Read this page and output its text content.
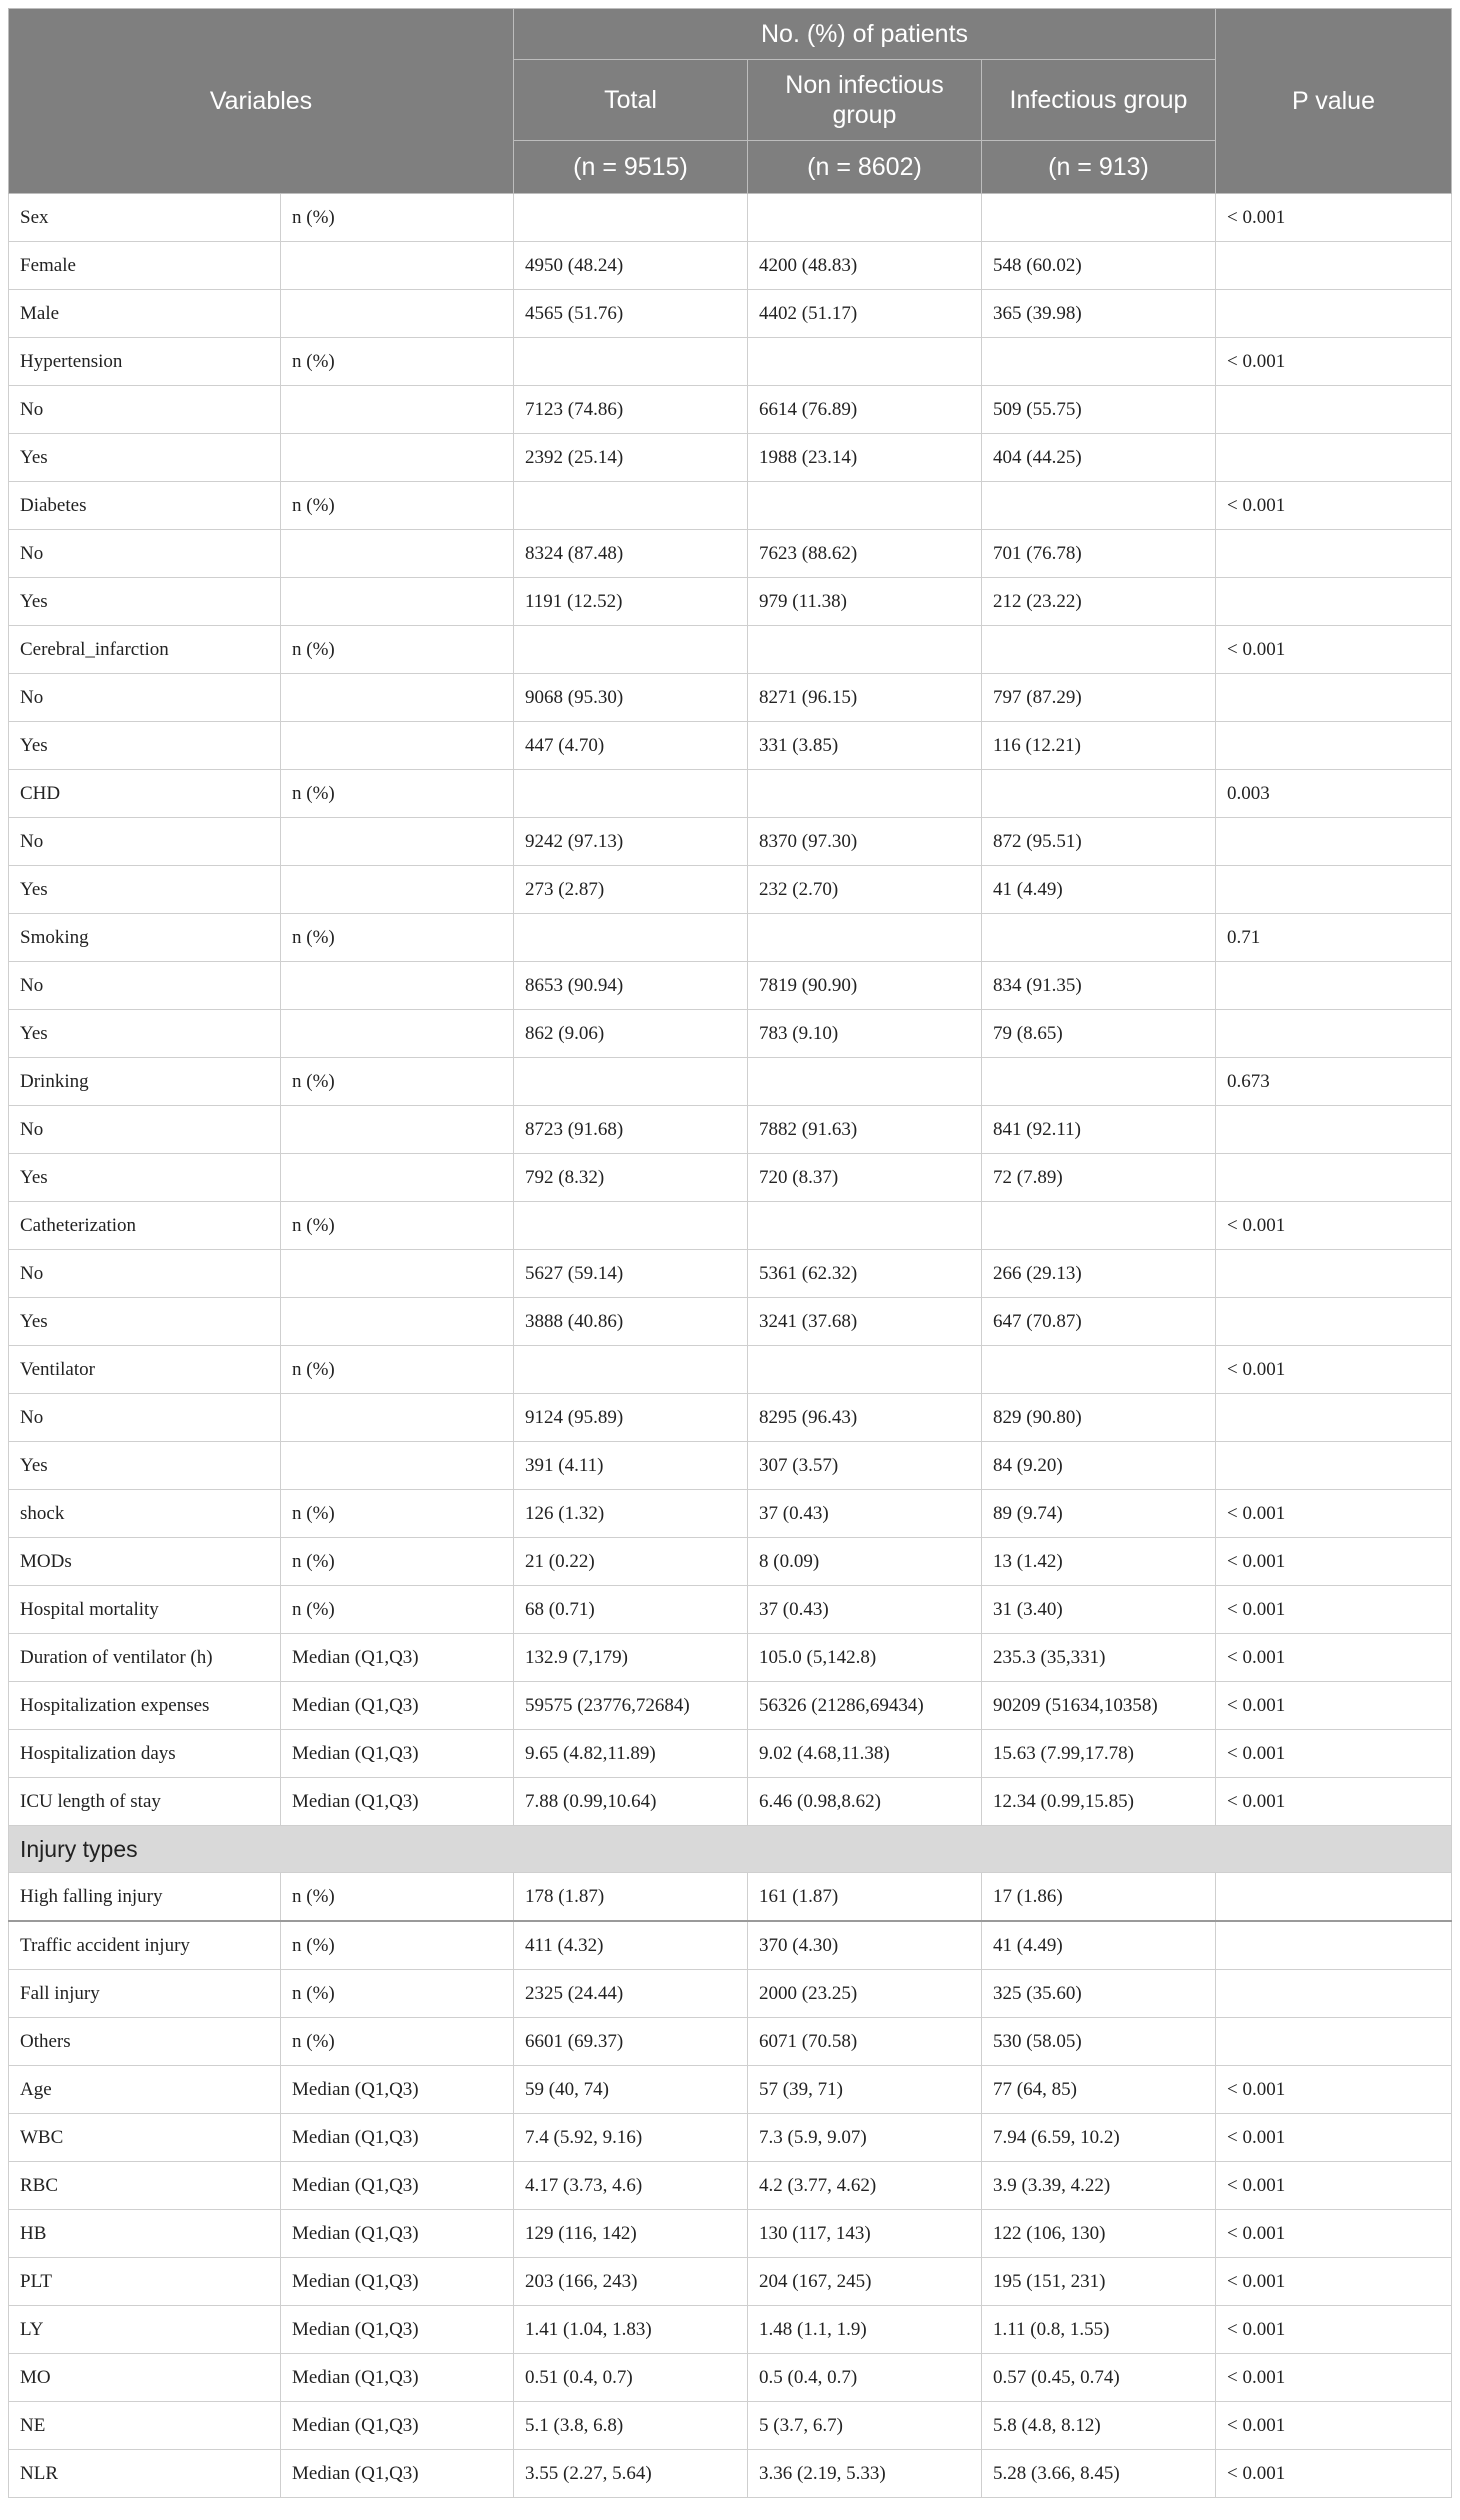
Variables		No. (%) of patients			P value
		Total	Non infectious group	Infectious group	
		(n = 9515)	(n = 8602)	(n = 913)	
Sex	n (%)				< 0.001
Female		4950 (48.24)	4200 (48.83)	548 (60.02)	
Male		4565 (51.76)	4402 (51.17)	365 (39.98)	
Hypertension	n (%)				< 0.001
No		7123 (74.86)	6614 (76.89)	509 (55.75)	
Yes		2392 (25.14)	1988 (23.14)	404 (44.25)	
Diabetes	n (%)				< 0.001
No		8324 (87.48)	7623 (88.62)	701 (76.78)	
Yes		1191 (12.52)	979 (11.38)	212 (23.22)	
Cerebral_infarction	n (%)				< 0.001
No		9068 (95.30)	8271 (96.15)	797 (87.29)	
Yes		447 (4.70)	331 (3.85)	116 (12.21)	
CHD	n (%)				0.003
No		9242 (97.13)	8370 (97.30)	872 (95.51)	
Yes		273 (2.87)	232 (2.70)	41 (4.49)	
Smoking	n (%)				0.71
No		8653 (90.94)	7819 (90.90)	834 (91.35)	
Yes		862 (9.06)	783 (9.10)	79 (8.65)	
Drinking	n (%)				0.673
No		8723 (91.68)	7882 (91.63)	841 (92.11)	
Yes		792 (8.32)	720 (8.37)	72 (7.89)	
Catheterization	n (%)				< 0.001
No		5627 (59.14)	5361 (62.32)	266 (29.13)	
Yes		3888 (40.86)	3241 (37.68)	647 (70.87)	
Ventilator	n (%)				< 0.001
No		9124 (95.89)	8295 (96.43)	829 (90.80)	
Yes		391 (4.11)	307 (3.57)	84 (9.20)	
shock	n (%)	126 (1.32)	37 (0.43)	89 (9.74)	< 0.001
MODs	n (%)	21 (0.22)	8 (0.09)	13 (1.42)	< 0.001
Hospital mortality	n (%)	68 (0.71)	37 (0.43)	31 (3.40)	< 0.001
Duration of ventilator (h)	Median (Q1,Q3)	132.9 (7,179)	105.0 (5,142.8)	235.3 (35,331)	< 0.001
Hospitalization expenses	Median (Q1,Q3)	59575 (23776,72684)	56326 (21286,69434)	90209 (51634,10358)	< 0.001
Hospitalization days	Median (Q1,Q3)	9.65 (4.82,11.89)	9.02 (4.68,11.38)	15.63 (7.99,17.78)	< 0.001
ICU length of stay	Median (Q1,Q3)	7.88 (0.99,10.64)	6.46 (0.98,8.62)	12.34 (0.99,15.85)	< 0.001
Injury types					
High falling injury	n (%)	178 (1.87)	161 (1.87)	17 (1.86)	
Traffic accident injury	n (%)	411 (4.32)	370 (4.30)	41 (4.49)	
Fall injury	n (%)	2325 (24.44)	2000 (23.25)	325 (35.60)	
Others	n (%)	6601 (69.37)	6071 (70.58)	530 (58.05)	
Age	Median (Q1,Q3)	59 (40, 74)	57 (39, 71)	77 (64, 85)	< 0.001
WBC	Median (Q1,Q3)	7.4 (5.92, 9.16)	7.3 (5.9, 9.07)	7.94 (6.59, 10.2)	< 0.001
RBC	Median (Q1,Q3)	4.17 (3.73, 4.6)	4.2 (3.77, 4.62)	3.9 (3.39, 4.22)	< 0.001
HB	Median (Q1,Q3)	129 (116, 142)	130 (117, 143)	122 (106, 130)	< 0.001
PLT	Median (Q1,Q3)	203 (166, 243)	204 (167, 245)	195 (151, 231)	< 0.001
LY	Median (Q1,Q3)	1.41 (1.04, 1.83)	1.48 (1.1, 1.9)	1.11 (0.8, 1.55)	< 0.001
MO	Median (Q1,Q3)	0.51 (0.4, 0.7)	0.5 (0.4, 0.7)	0.57 (0.45, 0.74)	< 0.001
NE	Median (Q1,Q3)	5.1 (3.8, 6.8)	5 (3.7, 6.7)	5.8 (4.8, 8.12)	< 0.001
NLR	Median (Q1,Q3)	3.55 (2.27, 5.64)	3.36 (2.19, 5.33)	5.28 (3.66, 8.45)	< 0.001
